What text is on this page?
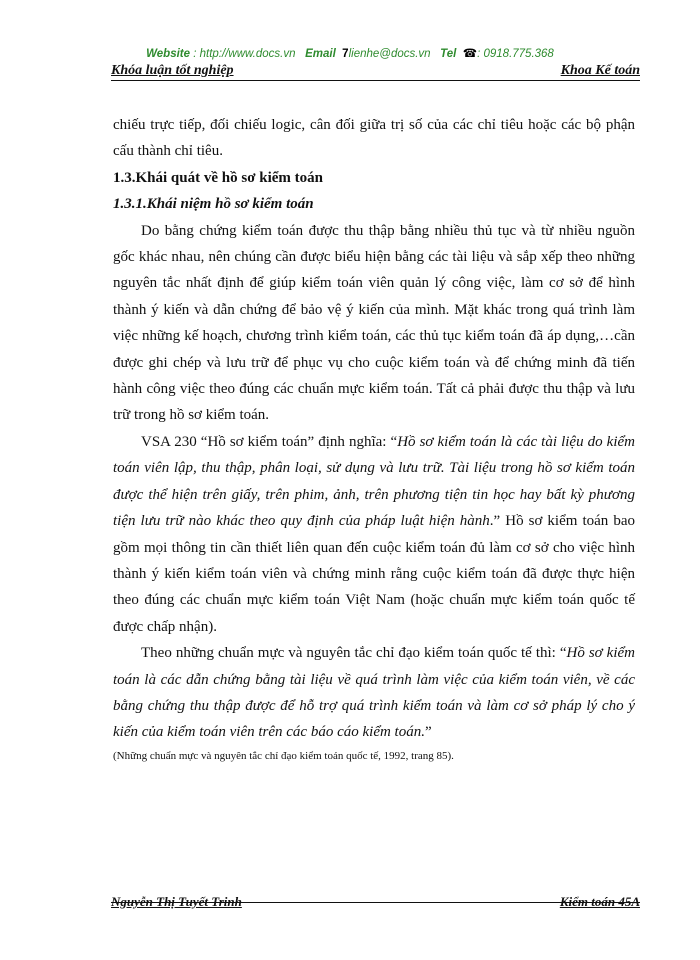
Website : http://www.docs.vn Email 7lienhe@docs.vn Tel ☎: 0918.775.368
Khóa luận tốt nghiệp	Khoa Kế toán

chiếu trực tiếp, đối chiếu logic, cân đối giữa trị số của các chỉ tiêu hoặc các bộ phận cấu thành chỉ tiêu.

1.3.Khái quát về hồ sơ kiểm toán

1.3.1.Khái niệm hồ sơ kiểm toán

Do bằng chứng kiểm toán được thu thập bằng nhiều thủ tục và từ nhiều nguồn gốc khác nhau, nên chúng cần được biểu hiện bằng các tài liệu và sắp xếp theo những nguyên tắc nhất định để giúp kiểm toán viên quản lý công việc, làm cơ sở để hình thành ý kiến và dẫn chứng để bảo vệ ý kiến của mình. Mặt khác trong quá trình làm việc những kế hoạch, chương trình kiểm toán, các thủ tục kiểm toán đã áp dụng,…cần được ghi chép và lưu trữ để phục vụ cho cuộc kiểm toán và để chứng minh đã tiến hành công việc theo đúng các chuẩn mực kiểm toán. Tất cả phải được thu thập và lưu trữ trong hồ sơ kiểm toán.

VSA 230 “Hồ sơ kiểm toán” định nghĩa: “Hồ sơ kiểm toán là các tài liệu do kiểm toán viên lập, thu thập, phân loại, sử dụng và lưu trữ. Tài liệu trong hồ sơ kiểm toán được thể hiện trên giấy, trên phim, ảnh, trên phương tiện tin học hay bất kỳ phương tiện lưu trữ nào khác theo quy định của pháp luật hiện hành.” Hồ sơ kiểm toán bao gồm mọi thông tin cần thiết liên quan đến cuộc kiểm toán đủ làm cơ sở cho việc hình thành ý kiến kiểm toán viên và chứng minh rằng cuộc kiểm toán đã được thực hiện theo đúng các chuẩn mực kiểm toán Việt Nam (hoặc chuẩn mực kiểm toán quốc tế được chấp nhận).

Theo những chuẩn mực và nguyên tắc chỉ đạo kiểm toán quốc tế thì: “Hồ sơ kiểm toán là các dẫn chứng bằng tài liệu về quá trình làm việc của kiểm toán viên, về các bằng chứng thu thập được để hỗ trợ quá trình kiểm toán và làm cơ sở pháp lý cho ý kiến của kiểm toán viên trên các báo cáo kiểm toán.”

(Những chuẩn mực và nguyên tắc chỉ đạo kiểm toán quốc tế, 1992, trang 85).

Nguyễn Thị Tuyết Trinh	Kiểm toán 45A
